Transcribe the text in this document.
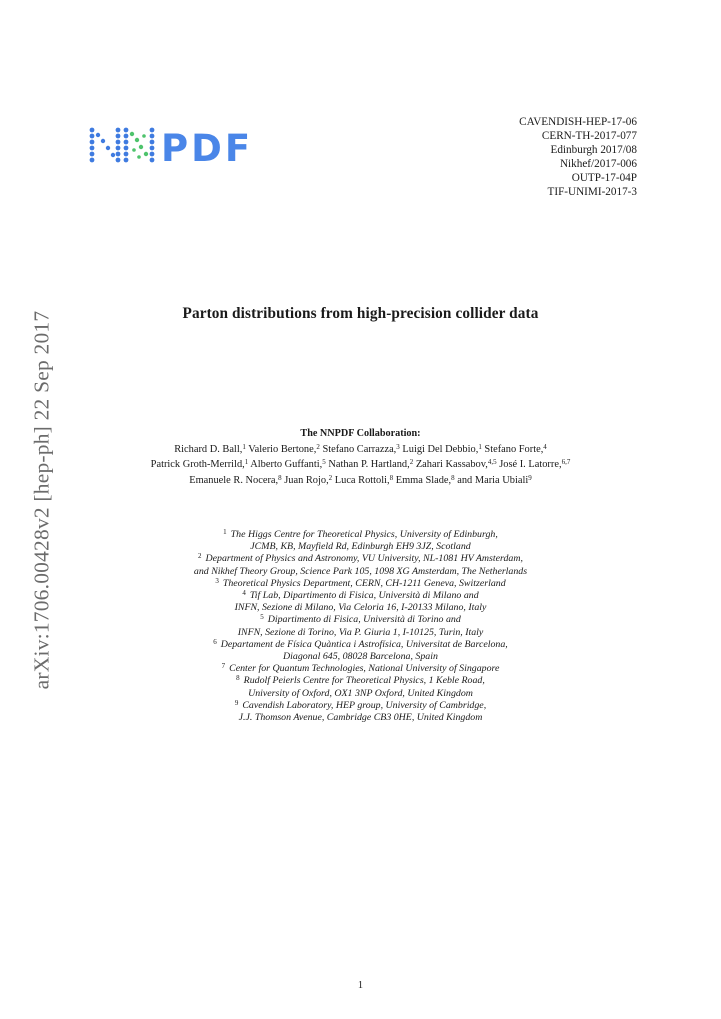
arXiv:1706.00428v2 [hep-ph] 22 Sep 2017
PDF
CAVENDISH-HEP-17-06
CERN-TH-2017-077
Edinburgh 2017/08
Nikhef/2017-006
OUTP-17-04P
TIF-UNIMI-2017-3
Parton distributions from high-precision collider data
The NNPDF Collaboration:
Richard D. Ball,$^1$ Valerio Bertone,$^2$ Stefano Carrazza,$^3$ Luigi Del Debbio,$^1$ Stefano Forte,$^4$
Patrick Groth-Merrild,$^1$ Alberto Guffanti,$^5$ Nathan P. Hartland,$^2$ Zahari Kassabov,$^{4,5}$ José I. Latorre,$^{6,7}$
Emanuele R. Nocera,$^8$ Juan Rojo,$^2$ Luca Rottoli,$^8$ Emma Slade,$^8$ and Maria Ubiali$^9$
$^1$ The Higgs Centre for Theoretical Physics, University of Edinburgh,
JCMB, KB, Mayfield Rd, Edinburgh EH9 3JZ, Scotland
$^2$ Department of Physics and Astronomy, VU University, NL-1081 HV Amsterdam,
and Nikhef Theory Group, Science Park 105, 1098 XG Amsterdam, The Netherlands
$^3$ Theoretical Physics Department, CERN, CH-1211 Geneva, Switzerland
$^4$ Tif Lab, Dipartimento di Fisica, Università di Milano and
INFN, Sezione di Milano, Via Celoria 16, I-20133 Milano, Italy
$^5$ Dipartimento di Fisica, Università di Torino and
INFN, Sezione di Torino, Via P. Giuria 1, I-10125, Turin, Italy
$^6$ Departament de Física Quàntica i Astrofísica, Universitat de Barcelona,
Diagonal 645, 08028 Barcelona, Spain
$^7$ Center for Quantum Technologies, National University of Singapore
$^8$ Rudolf Peierls Centre for Theoretical Physics, 1 Keble Road,
University of Oxford, OX1 3NP Oxford, United Kingdom
$^9$ Cavendish Laboratory, HEP group, University of Cambridge,
J.J. Thomson Avenue, Cambridge CB3 0HE, United Kingdom
1
